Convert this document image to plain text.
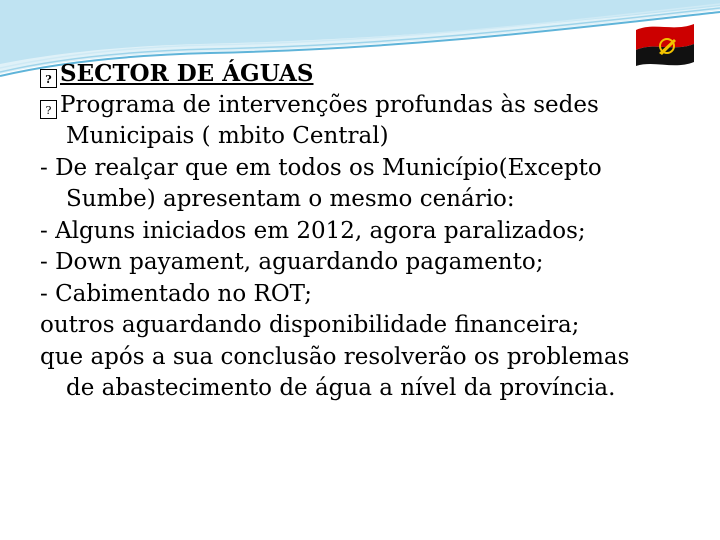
? SECTOR DE ÁGUAS
? Programa de intervenções profundas às sedes
Municipais ( mbito Central)
- De realçar que em todos os Município(Excepto
Sumbe) apresentam o mesmo cenário:
- Alguns iniciados em 2012, agora paralizados;
- Down payament, aguardando pagamento;
- Cabimentado no ROT;
outros aguardando disponibilidade financeira;
que após a sua conclusão resolverão os problemas
de abastecimento de água a nível da província.
